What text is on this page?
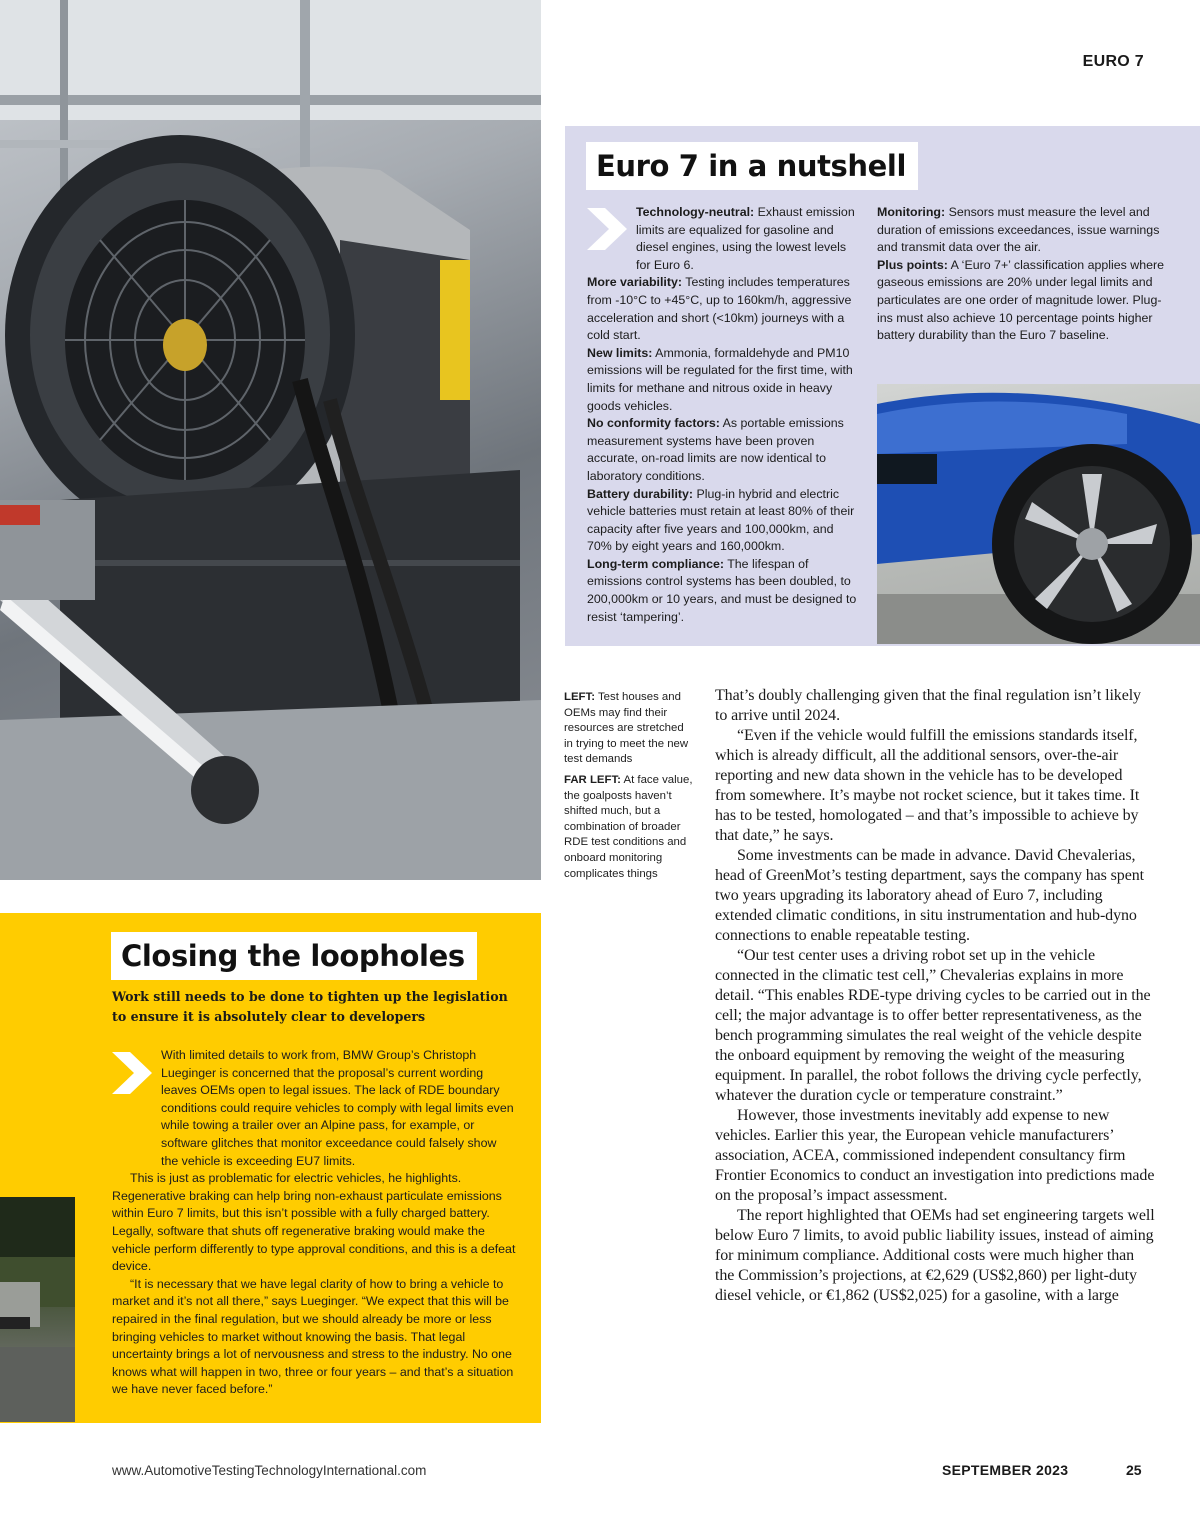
EURO 7
Euro 7 in a nutshell

Technology-neutral: Exhaust emission limits are equalized for gasoline and diesel engines, using the lowest levels for Euro 6.

More variability: Testing includes temperatures from -10°C to +45°C, up to 160km/h, aggressive acceleration and short (<10km) journeys with a cold start.

New limits: Ammonia, formaldehyde and PM10 emissions will be regulated for the first time, with limits for methane and nitrous oxide in heavy goods vehicles.

No conformity factors: As portable emissions measurement systems have been proven accurate, on-road limits are now identical to laboratory conditions.

Battery durability: Plug-in hybrid and electric vehicle batteries must retain at least 80% of their capacity after five years and 100,000km, and 70% by eight years and 160,000km.

Long-term compliance: The lifespan of emissions control systems has been doubled, to 200,000km or 10 years, and must be designed to resist ‘tampering’.

Monitoring: Sensors must measure the level and duration of emissions exceedances, issue warnings and transmit data over the air.

Plus points: A ‘Euro 7+’ classification applies where gaseous emissions are 20% under legal limits and particulates are one order of magnitude lower. Plug-ins must also achieve 10 percentage points higher battery durability than the Euro 7 baseline.

LEFT: Test houses and OEMs may find their resources are stretched in trying to meet the new test demands

FAR LEFT: At face value, the goalposts haven’t shifted much, but a combination of broader RDE test conditions and onboard monitoring complicates things

Closing the loopholes
Work still needs to be done to tighten up the legislation to ensure it is absolutely clear to developers

With limited details to work from, BMW Group’s Christoph Lueginger is concerned that the proposal’s current wording leaves OEMs open to legal issues. The lack of RDE boundary conditions could require vehicles to comply with legal limits even while towing a trailer over an Alpine pass, for example, or software glitches that monitor exceedance could falsely show the vehicle is exceeding EU7 limits.

This is just as problematic for electric vehicles, he highlights. Regenerative braking can help bring non-exhaust particulate emissions within Euro 7 limits, but this isn’t possible with a fully charged battery. Legally, software that shuts off regenerative braking would make the vehicle perform differently to type approval conditions, and this is a defeat device.

“It is necessary that we have legal clarity of how to bring a vehicle to market and it’s not all there,” says Lueginger. “We expect that this will be repaired in the final regulation, but we should already be more or less bringing vehicles to market without knowing the basis. That legal uncertainty brings a lot of nervousness and stress to the industry. No one knows what will happen in two, three or four years – and that’s a situation we have never faced before.”

That’s doubly challenging given that the final regulation isn’t likely to arrive until 2024.

“Even if the vehicle would fulfill the emissions standards itself, which is already difficult, all the additional sensors, over-the-air reporting and new data shown in the vehicle has to be developed from somewhere. It’s maybe not rocket science, but it takes time. It has to be tested, homologated – and that’s impossible to achieve by that date,” he says.

Some investments can be made in advance. David Chevalerias, head of GreenMot’s testing department, says the company has spent two years upgrading its laboratory ahead of Euro 7, including extended climatic conditions, in situ instrumentation and hub-dyno connections to enable repeatable testing.

“Our test center uses a driving robot set up in the vehicle connected in the climatic test cell,” Chevalerias explains in more detail. “This enables RDE-type driving cycles to be carried out in the cell; the major advantage is to offer better representativeness, as the bench programming simulates the real weight of the vehicle despite the onboard equipment by removing the weight of the measuring equipment. In parallel, the robot follows the driving cycle perfectly, whatever the duration cycle or temperature constraint.”

However, those investments inevitably add expense to new vehicles. Earlier this year, the European vehicle manufacturers’ association, ACEA, commissioned independent consultancy firm Frontier Economics to conduct an investigation into predictions made on the proposal’s impact assessment.

The report highlighted that OEMs had set engineering targets well below Euro 7 limits, to avoid public liability issues, instead of aiming for minimum compliance. Additional costs were much higher than the Commission’s projections, at €2,629 (US$2,860) per light-duty diesel vehicle, or €1,862 (US$2,025) for a gasoline, with a large

www.AutomotiveTestingTechnologyInternational.com	SEPTEMBER 2023	25
